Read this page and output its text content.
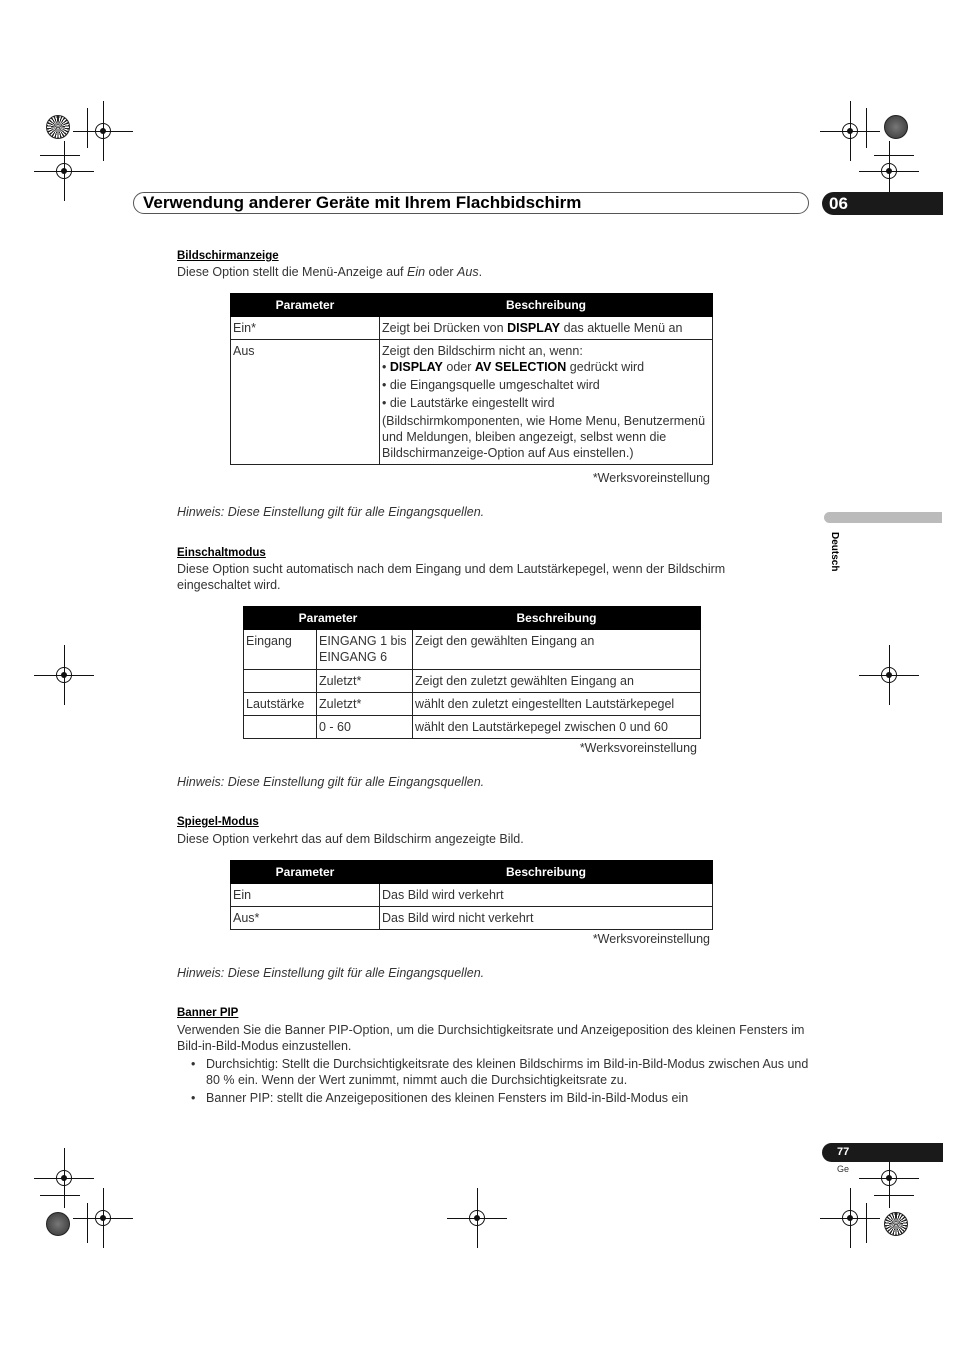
Verwendung anderer Geräte mit Ihrem Flachbidschirm	06
Bildschirmanzeige
Diese Option stellt die Menü-Anzeige auf Ein oder Aus.
Parameter	Beschreibung
Ein*	Zeigt bei Drücken von DISPLAY das aktuelle Menü an
Aus	Zeigt den Bildschirm nicht an, wenn:
• DISPLAY oder AV SELECTION gedrückt wird
• die Eingangsquelle umgeschaltet wird
• die Lautstärke eingestellt wird
(Bildschirmkomponenten, wie Home Menu, Benutzermenü und Meldungen, bleiben angezeigt, selbst wenn die Bildschirmanzeige-Option auf Aus einstellen.)
*Werksvoreinstellung
Hinweis: Diese Einstellung gilt für alle Eingangsquellen.
Einschaltmodus
Diese Option sucht automatisch nach dem Eingang und dem Lautstärkepegel, wenn der Bildschirm eingeschaltet wird.
Parameter		Beschreibung
Eingang	EINGANG 1 bis EINGANG 6	Zeigt den gewählten Eingang an
	Zuletzt*	Zeigt den zuletzt gewählten Eingang an
Lautstärke	Zuletzt*	wählt den zuletzt eingestellten Lautstärkepegel
	0 - 60	wählt den Lautstärkepegel zwischen 0 und 60
*Werksvoreinstellung
Hinweis: Diese Einstellung gilt für alle Eingangsquellen.
Spiegel-Modus
Diese Option verkehrt das auf dem Bildschirm angezeigte Bild.
Parameter	Beschreibung
Ein	Das Bild wird verkehrt
Aus*	Das Bild wird nicht verkehrt
*Werksvoreinstellung
Hinweis: Diese Einstellung gilt für alle Eingangsquellen.
Banner PIP
Verwenden Sie die Banner PIP-Option, um die Durchsichtigkeitsrate und Anzeigeposition des kleinen Fensters im Bild-in-Bild-Modus einzustellen.
• Durchsichtig: Stellt die Durchsichtigkeitsrate des kleinen Bildschirms im Bild-in-Bild-Modus zwischen Aus und 80 % ein. Wenn der Wert zunimmt, nimmt auch die Durchsichtigkeitsrate zu.
• Banner PIP: stellt die Anzeigepositionen des kleinen Fensters im Bild-in-Bild-Modus ein
Deutsch
77
Ge
